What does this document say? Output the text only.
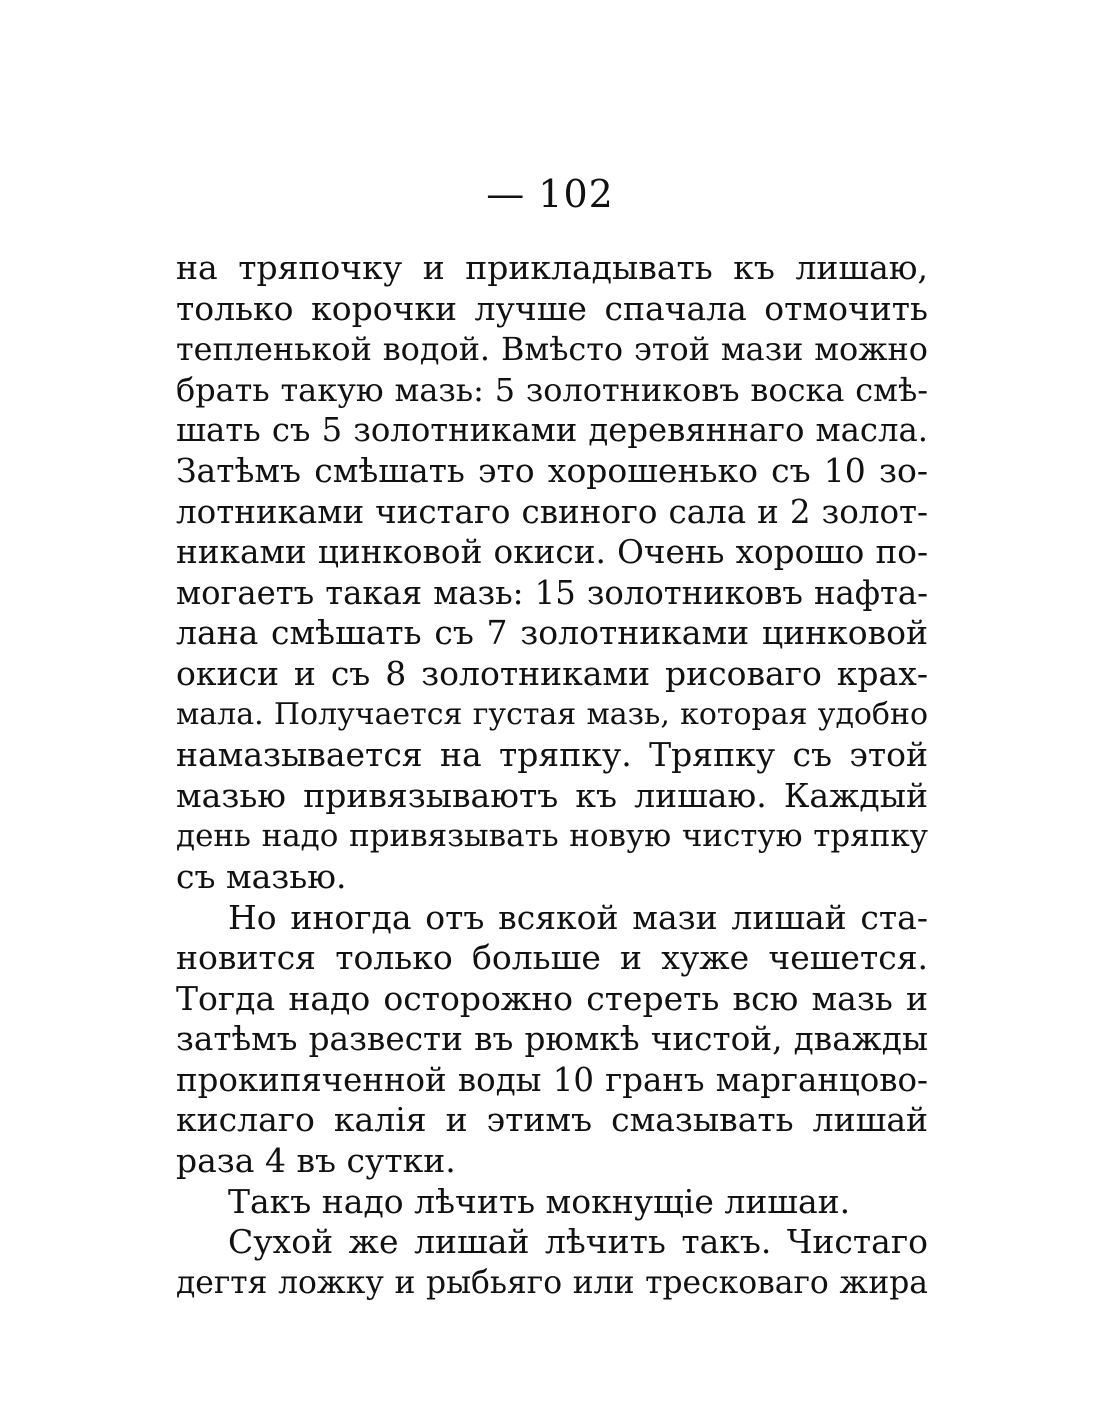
— 102
на тряпочку и прикладывать къ лишаю,
только корочки лучше спачала отмочить
тепленькой водой. Вмѣсто этой мази можно
брать такую мазь: 5 золотниковъ воска смѣ-
шать съ 5 золотниками деревяннаго масла.
Затѣмъ смѣшать это хорошенько съ 10 зо-
лотниками чистаго свиного сала и 2 золот-
никами цинковой окиси. Очень хорошо по-
могаетъ такая мазь: 15 золотниковъ нафта-
лана смѣшать съ 7 золотниками цинковой
окиси и съ 8 золотниками рисоваго крах-
мала. Получается густая мазь, которая удобно
намазывается на тряпку. Тряпку съ этой
мазью привязываютъ къ лишаю. Каждый
день надо привязывать новую чистую тряпку
съ мазью.
Но иногда отъ всякой мази лишай ста-
новится только больше и хуже чешется.
Тогда надо осторожно стереть всю мазь и
затѣмъ развести въ рюмкѣ чистой, дважды
прокипяченной воды 10 гранъ марганцово-
кислаго калія и этимъ смазывать лишай
раза 4 въ сутки.
Такъ надо лѣчить мокнущіе лишаи.
Сухой же лишай лѣчить такъ. Чистаго
дегтя ложку и рыбьяго или тресковаго жира
